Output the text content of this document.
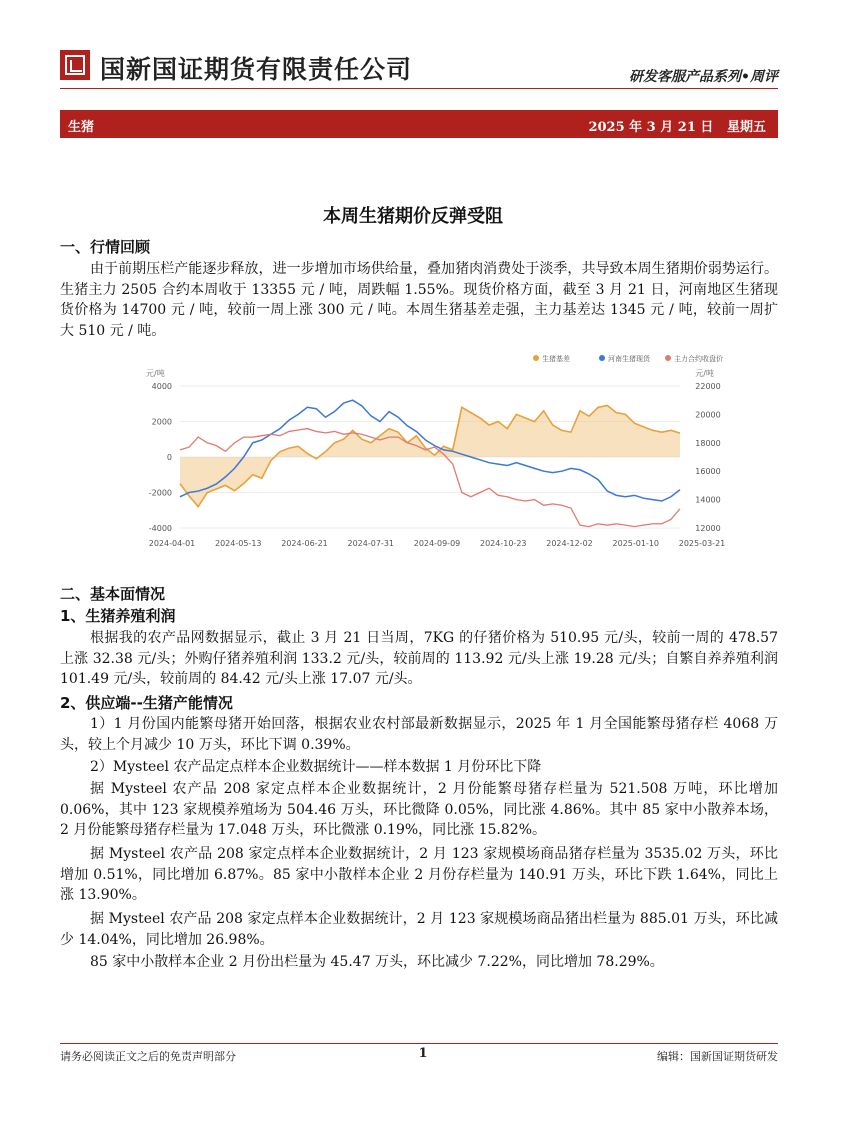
国新国证期货有限责任公司	研发客服产品系列•周评
生猪	2025 年 3 月 21 日 星期五
本周生猪期价反弹受阻
一、行情回顾
由于前期压栏产能逐步释放，进一步增加市场供给量，叠加猪肉消费处于淡季，共导致本周生猪期价弱势运行。生猪主力 2505 合约本周收于 13355 元 / 吨，周跌幅 1.55%。现货价格方面，截至 3 月 21 日，河南地区生猪现货价格为 14700 元 / 吨，较前一周上涨 300 元 / 吨。本周生猪基差走强，主力基差达 1345 元 / 吨，较前一周扩大 510 元 / 吨。
生猪基差	河南生猪现货	主力合约收盘价
元/吨	元/吨
4000
2000
0
-2000
-4000
22000
20000
18000
16000
14000
12000
2024-04-01 2024-05-13 2024-06-21 2024-07-31 2024-09-09 2024-10-23 2024-12-02 2025-01-10 2025-03-21
二、基本面情况
1、生猪养殖利润
根据我的农产品网数据显示，截止 3 月 21 日当周，7KG 的仔猪价格为 510.95 元/头，较前一周的 478.57 上涨 32.38 元/头；外购仔猪养殖利润 133.2 元/头，较前周的 113.92 元/头上涨 19.28 元/头；自繁自养养殖利润 101.49 元/头，较前周的 84.42 元/头上涨 17.07 元/头。
2、供应端--生猪产能情况
1）1 月份国内能繁母猪开始回落，根据农业农村部最新数据显示，2025 年 1 月全国能繁母猪存栏 4068 万头，较上个月减少 10 万头，环比下调 0.39%。
2）Mysteel 农产品定点样本企业数据统计——样本数据 1 月份环比下降
据 Mysteel 农产品 208 家定点样本企业数据统计，2 月份能繁母猪存栏量为 521.508 万吨，环比增加 0.06%，其中 123 家规模养殖场为 504.46 万头，环比微降 0.05%，同比涨 4.86%。其中 85 家中小散养本场，2 月份能繁母猪存栏量为 17.048 万头，环比微涨 0.19%，同比涨 15.82%。
据 Mysteel 农产品 208 家定点样本企业数据统计，2 月 123 家规模场商品猪存栏量为 3535.02 万头，环比增加 0.51%，同比增加 6.87%。85 家中小散样本企业 2 月份存栏量为 140.91 万头，环比下跌 1.64%，同比上涨 13.90%。
据 Mysteel 农产品 208 家定点样本企业数据统计，2 月 123 家规模场商品猪出栏量为 885.01 万头，环比减少 14.04%，同比增加 26.98%。
85 家中小散样本企业 2 月份出栏量为 45.47 万头，环比减少 7.22%，同比增加 78.29%。
请务必阅读正文之后的免责声明部分	1	编辑：国新国证期货研发
